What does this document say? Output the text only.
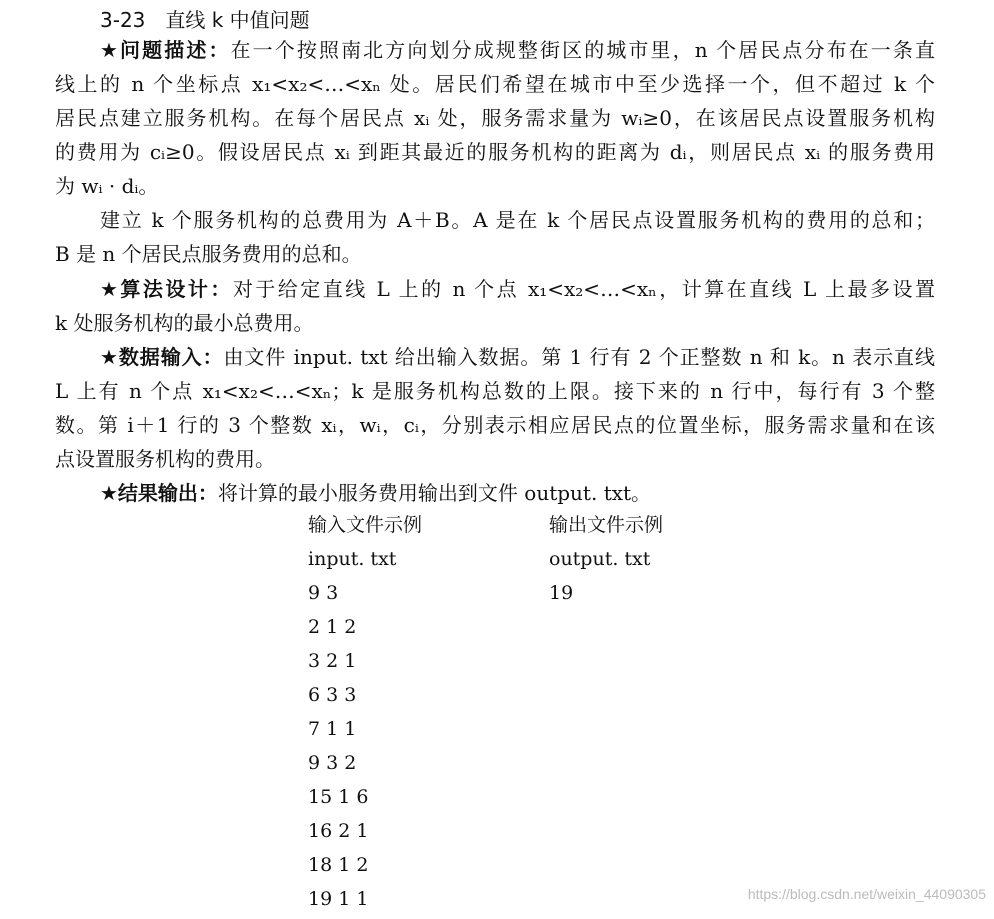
3-23　直线 k 中值问题
★问题描述：在一个按照南北方向划分成规整街区的城市里，n 个居民点分布在一条直
线上的 n 个坐标点 x₁<x₂<…<xₙ 处。居民们希望在城市中至少选择一个，但不超过 k 个
居民点建立服务机构。在每个居民点 xᵢ 处，服务需求量为 wᵢ≥0，在该居民点设置服务机构
的费用为 cᵢ≥0。假设居民点 xᵢ 到距其最近的服务机构的距离为 dᵢ，则居民点 xᵢ 的服务费用
为 wᵢ · dᵢ。
建立 k 个服务机构的总费用为 A＋B。A 是在 k 个居民点设置服务机构的费用的总和；
B 是 n 个居民点服务费用的总和。
★算法设计：对于给定直线 L 上的 n 个点 x₁<x₂<…<xₙ，计算在直线 L 上最多设置
k 处服务机构的最小总费用。
★数据输入：由文件 input. txt 给出输入数据。第 1 行有 2 个正整数 n 和 k。n 表示直线
L 上有 n 个点 x₁<x₂<…<xₙ；k 是服务机构总数的上限。接下来的 n 行中，每行有 3 个整
数。第 i＋1 行的 3 个整数 xᵢ，wᵢ，cᵢ，分别表示相应居民点的位置坐标，服务需求量和在该
点设置服务机构的费用。
★结果输出：将计算的最小服务费用输出到文件 output. txt。
输入文件示例
input. txt
9 3
2 1 2
3 2 1
6 3 3
7 1 1
9 3 2
15 1 6
16 2 1
18 1 2
19 1 1
输出文件示例
output. txt
19
https://blog.csdn.net/weixin_44090305
